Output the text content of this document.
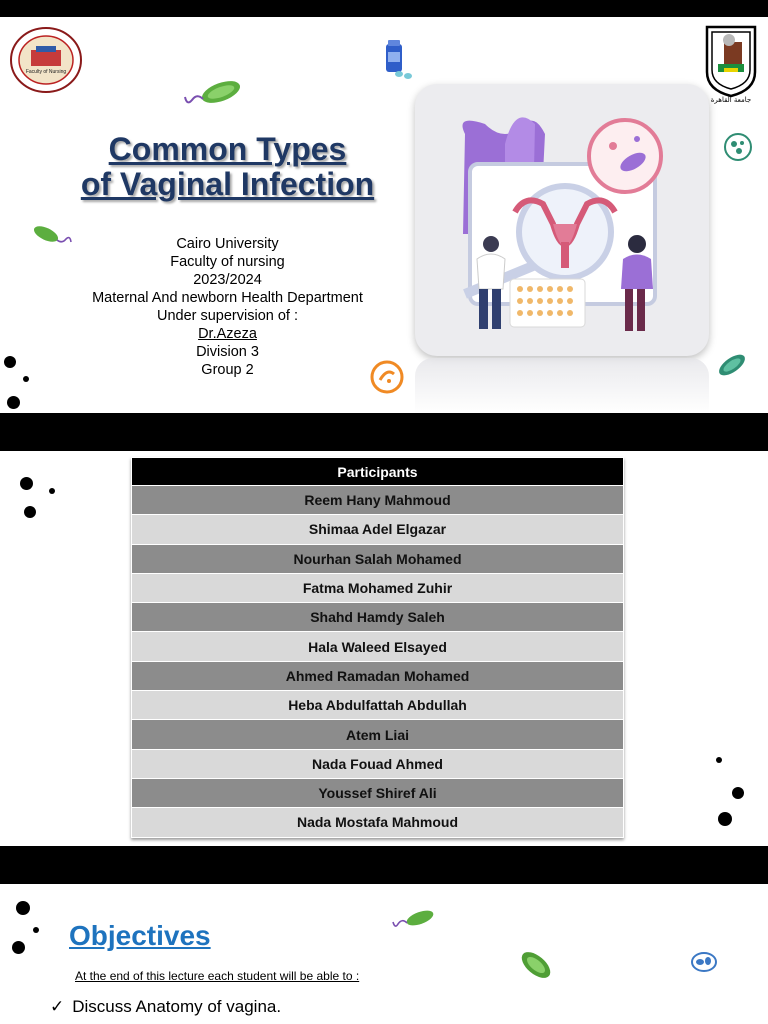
Faculty of Nursing
جامعة القاهرة
Common Types
of Vaginal Infection
Cairo University
Faculty of nursing
2023/2024
Maternal And newborn Health Department
Under supervision of :
Dr.Azeza
Division 3
Group 2
Participants
Reem Hany Mahmoud
Shimaa Adel Elgazar
Nourhan Salah Mohamed
Fatma Mohamed Zuhir
Shahd Hamdy Saleh
Hala Waleed Elsayed
Ahmed Ramadan Mohamed
Heba Abdulfattah Abdullah
Atem Liai
Nada Fouad Ahmed
Youssef Shiref Ali
Nada Mostafa Mahmoud
Objectives
At the end of this lecture each student will be able to :
✓ Discuss Anatomy of vagina.
